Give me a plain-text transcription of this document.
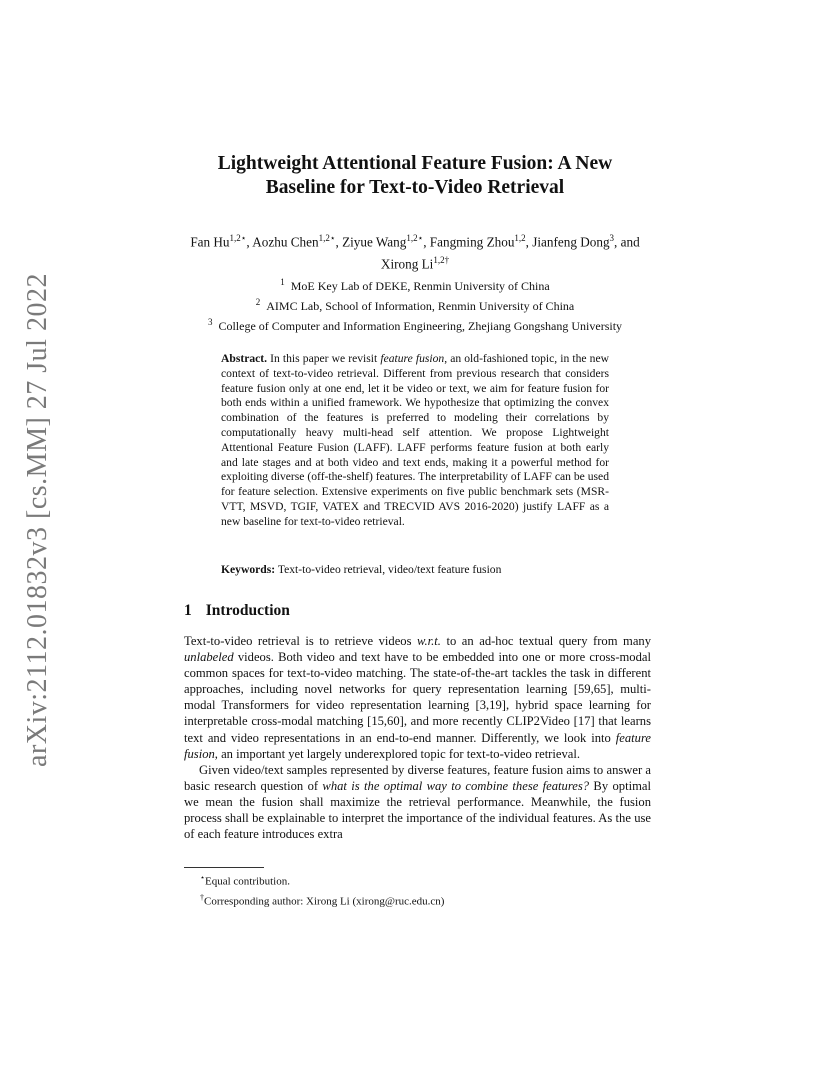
arXiv:2112.01832v3 [cs.MM] 27 Jul 2022
Lightweight Attentional Feature Fusion: A New
Baseline for Text-to-Video Retrieval
Fan $Hu^{1,2⋆}$, Aozhu Chen$^{1,2⋆}$, Ziyue Wang$^{1,2⋆}$, Fangming Zhou$^{1,2}$, Jianfeng Dong$^3$, and Xirong $Li^{1,2\dagger}$
$^1$  MoE Key Lab of DEKE, Renmin University of China
$^2$  AIMC Lab, School of Information, Renmin University of China
$^3$  College of Computer and Information Engineering, Zhejiang Gongshang University
Abstract. In this paper we revisit feature fusion, an old-fashioned topic, in the new context of text-to-video retrieval. Different from previous research that considers feature fusion only at one end, let it be video or text, we aim for feature fusion for both ends within a unified framework. We hypothesize that optimizing the convex combination of the features is preferred to modeling their correlations by computationally heavy multi-head self attention. We propose Lightweight Attentional Feature Fusion (LAFF). LAFF performs feature fusion at both early and late stages and at both video and text ends, making it a powerful method for exploiting diverse (off-the-shelf) features. The interpretability of LAFF can be used for feature selection. Extensive experiments on five public benchmark sets (MSR-VTT, MSVD, TGIF, VATEX and TRECVID AVS 2016-2020) justify LAFF as a new baseline for text-to-video retrieval.
Keywords: Text-to-video retrieval, video/text feature fusion
1 Introduction

Text-to-video retrieval is to retrieve videos w.r.t. to an ad-hoc textual query from many unlabeled videos. Both video and text have to be embedded into one or more cross-modal common spaces for text-to-video matching. The state-of-the-art tackles the task in different approaches, including novel networks for query representation learning [59,65], multi-modal Transformers for video representation learning [3,19], hybrid space learning for interpretable cross-modal matching [15,60], and more recently CLIP2Video [17] that learns text and video representations in an end-to-end manner. Differently, we look into feature fusion, an important yet largely underexplored topic for text-to-video retrieval.

Given video/text samples represented by diverse features, feature fusion aims to answer a basic research question of what is the optimal way to combine these features? By optimal we mean the fusion shall maximize the retrieval performance. Meanwhile, the fusion process shall be explainable to interpret the importance of the individual features. As the use of each feature introduces extra

⋆Equal contribution.
†Corresponding author: Xirong Li (xirong@ruc.edu.cn)
